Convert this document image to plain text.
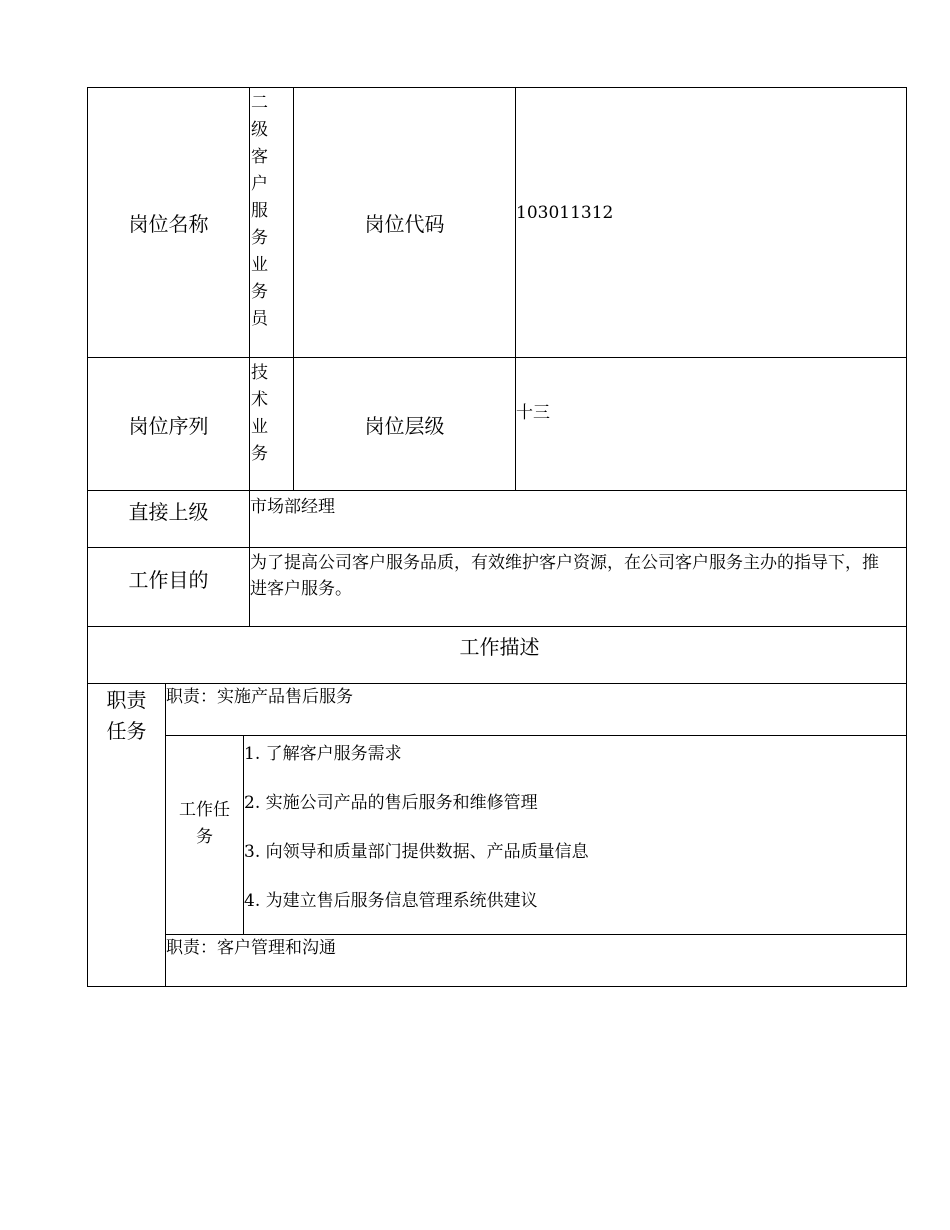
岗位名称
二级客户服务业务员
岗位代码	103011312
岗位序列
技术业务
岗位层级
十三
直接上级	市场部经理
工作目的
为了提高公司客户服务品质，有效维护客户资源，在公司客户服务主办的指导下，推进客户服务。
工作描述
职责任务
职责：实施产品售后服务
工作任务
职责：客户管理和沟通
1. 了解客户服务需求
2. 实施公司产品的售后服务和维修管理
3. 向领导和质量部门提供数据、产品质量信息
4. 为建立售后服务信息管理系统供建议
